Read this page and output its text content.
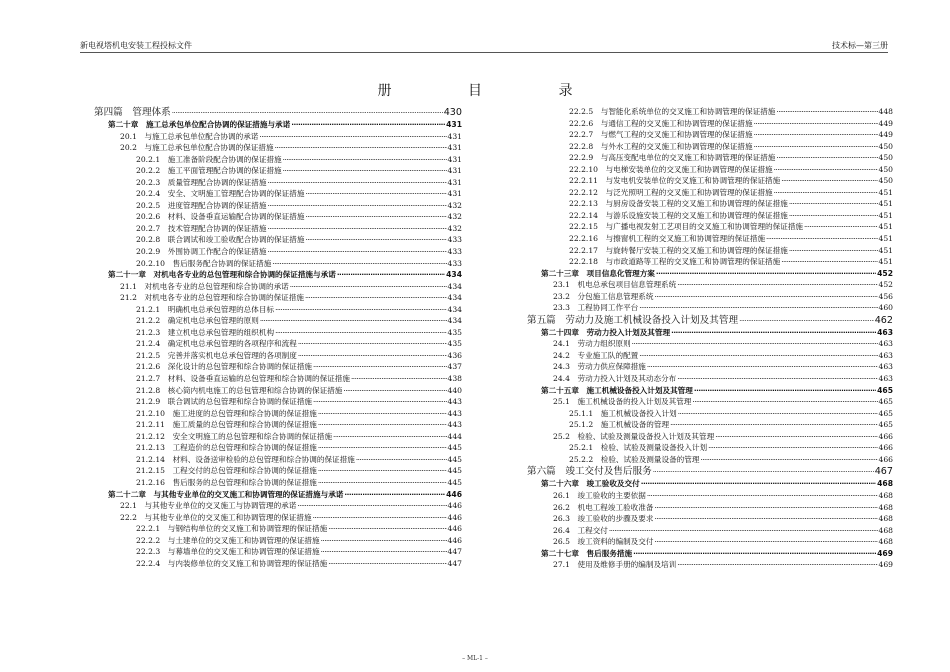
新电视塔机电安装工程投标文件	技术标—第三册
册 目 录
第四篇　管理体系 ·····	430
第二十章　施工总承包单位配合协调的保证措施与承诺 ·····	431
20.1　与施工总承包单位配合协调的承诺 ·····	431
20.2　与施工总承包单位配合协调的保证措施 ·····	431
20.2.1　施工准备阶段配合协调的保证措施 ·····	431
20.2.2　施工平面管理配合协调的保证措施 ·····	431
20.2.3　质量管理配合协调的保证措施 ·····	431
20.2.4　安全、文明施工管理配合协调的保证措施 ·····	431
20.2.5　进度管理配合协调的保证措施 ·····	432
20.2.6　材料、设备垂直运输配合协调的保证措施 ·····	432
20.2.7　技术管理配合协调的保证措施 ·····	432
20.2.8　联合调试和竣工验收配合协调的保证措施 ·····	433
20.2.9　外围协调工作配合的保证措施 ·····	433
20.2.10　售后服务配合协调的保证措施 ·····	433
第二十一章　对机电各专业的总包管理和综合协调的保证措施与承诺 ·····	434
21.1　对机电各专业的总包管理和综合协调的承诺 ·····	434
21.2　对机电各专业的总包管理和综合协调的保证措施 ·····	434
21.2.1　明确机电总承包管理的总体目标 ·····	434
21.2.2　确定机电总承包管理的原则 ·····	434
21.2.3　建立机电总承包管理的组织机构 ·····	435
21.2.4　确定机电总承包管理的各项程序和流程 ·····	435
21.2.5　完善并落实机电总承包管理的各项制度 ·····	436
21.2.6　深化设计的总包管理和综合协调的保证措施 ·····	437
21.2.7　材料、设备垂直运输的总包管理和综合协调的保证措施 ·····	438
21.2.8　核心筒内机电施工的总包管理和综合协调的保证措施 ·····	440
21.2.9　联合调试的总包管理和综合协调的保证措施 ·····	443
21.2.10　施工进度的总包管理和综合协调的保证措施 ·····	443
21.2.11　施工质量的总包管理和综合协调的保证措施 ·····	443
21.2.12　安全文明施工的总包管理和综合协调的保证措施 ·····	444
21.2.13　工程造价的总包管理和综合协调的保证措施 ·····	445
21.2.14　材料、设备送审检验的总包管理和综合协调的保证措施 ·····	445
21.2.15　工程交付的总包管理和综合协调的保证措施 ·····	445
21.2.16　售后服务的总包管理和综合协调的保证措施 ·····	445
第二十二章　与其他专业单位的交叉施工和协调管理的保证措施与承诺 ·····	446
22.1　与其他专业单位的交叉施工与协调管理的承诺 ·····	446
22.2　与其他专业单位的交叉施工和协调管理的保证措施 ·····	446
22.2.1　与钢结构单位的交叉施工和协调管理的保证措施 ·····	446
22.2.2　与土建单位的交叉施工和协调管理的保证措施 ·····	446
22.2.3　与幕墙单位的交叉施工和协调管理的保证措施 ·····	447
22.2.4　与内装修单位的交叉施工和协调管理的保证措施 ·····	447
22.2.5　与智能化系统单位的交叉施工和协调管理的保证措施 ·····	448
22.2.6　与通信工程的交叉施工和协调管理的保证措施 ·····	449
22.2.7　与燃气工程的交叉施工和协调管理的保证措施 ·····	449
22.2.8　与外水工程的交叉施工和协调管理的保证措施 ·····	450
22.2.9　与高压变配电单位的交叉施工和协调管理的保证措施 ·····	450
22.2.10　与电梯安装单位的交叉施工和协调管理的保证措施 ·····	450
22.2.11　与发电机安装单位的交叉施工和协调管理的保证措施 ·····	450
22.2.12　与泛光照明工程的交叉施工和协调管理的保证措施 ·····	451
22.2.13　与厨房设备安装工程的交叉施工和协调管理的保证措施 ·····	451
22.2.14　与游乐设施安装工程的交叉施工和协调管理的保证措施 ·····	451
22.2.15　与广播电视发射工艺项目的交叉施工和协调管理的保证措施 ·····	451
22.2.16　与擦窗机工程的交叉施工和协调管理的保证措施 ·····	451
22.2.17　与旋转餐厅安装工程的交叉施工和协调管理的保证措施 ·····	451
22.2.18　与市政道路等工程的交叉施工和协调管理的保证措施 ·····	451
第二十三章　项目信息化管理方案 ·····	452
23.1　机电总承包项目信息管理系统 ·····	452
23.2　分包施工信息管理系统 ·····	456
23.3　工程协同工作平台 ·····	460
第五篇　劳动力及施工机械设备投入计划及其管理 ·····	462
第二十四章　劳动力投入计划及其管理 ·····	463
24.1　劳动力组织原则 ·····	463
24.2　专业施工队的配置 ·····	463
24.3　劳动力供应保障措施 ·····	463
24.4　劳动力投入计划及其动态分布 ·····	463
第二十五章　施工机械设备投入计划及其管理 ·····	465
25.1　施工机械设备的投入计划及其管理 ·····	465
25.1.1　施工机械设备投入计划 ·····	465
25.1.2　施工机械设备的管理 ·····	465
25.2　检验、试验及测量设备投入计划及其管理 ·····	466
25.2.1　检验、试验及测量设备投入计划 ·····	466
25.2.2　检验、试验及测量设备的管理 ·····	466
第六篇　竣工交付及售后服务 ·····	467
第二十六章　竣工验收及交付 ·····	468
26.1　竣工验收的主要依据 ·····	468
26.2　机电工程竣工验收准备 ·····	468
26.3　竣工验收的步骤及要求 ·····	468
26.4　工程交付 ·····	468
26.5　竣工资料的编制及交付 ·····	468
第二十七章　售后服务措施 ·····	469
27.1　使用及维修手册的编制及培训 ·····	469
– ML-1 –
